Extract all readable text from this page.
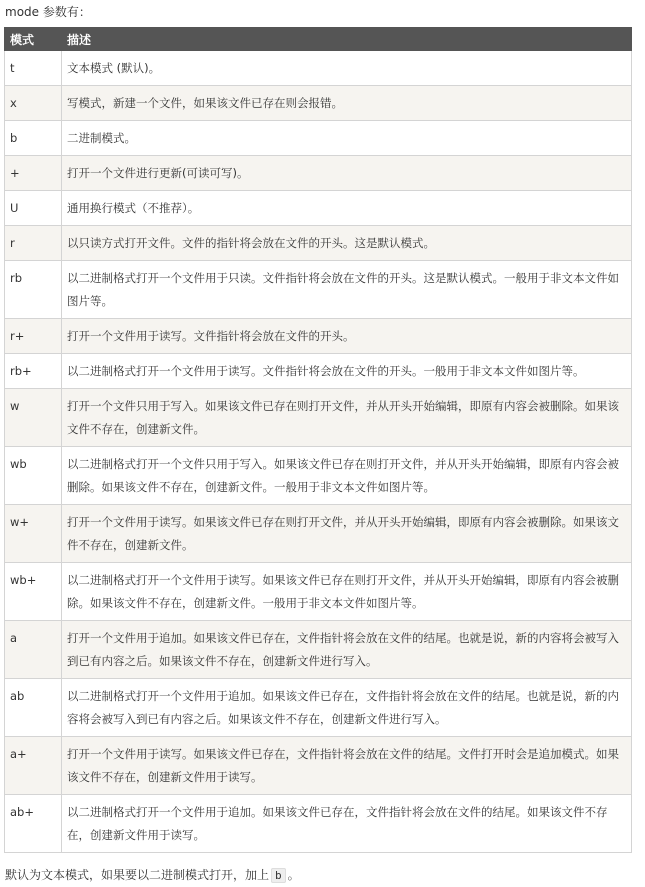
mode 参数有：
模式	描述
t	文本模式 (默认)。
x	写模式，新建一个文件，如果该文件已存在则会报错。
b	二进制模式。
+	打开一个文件进行更新(可读可写)。
U	通用换行模式（不推荐）。
r	以只读方式打开文件。文件的指针将会放在文件的开头。这是默认模式。
rb	以二进制格式打开一个文件用于只读。文件指针将会放在文件的开头。这是默认模式。一般用于非文本文件如图片等。
r+	打开一个文件用于读写。文件指针将会放在文件的开头。
rb+	以二进制格式打开一个文件用于读写。文件指针将会放在文件的开头。一般用于非文本文件如图片等。
w	打开一个文件只用于写入。如果该文件已存在则打开文件，并从开头开始编辑，即原有内容会被删除。如果该文件不存在，创建新文件。
wb	以二进制格式打开一个文件只用于写入。如果该文件已存在则打开文件，并从开头开始编辑，即原有内容会被删除。如果该文件不存在，创建新文件。一般用于非文本文件如图片等。
w+	打开一个文件用于读写。如果该文件已存在则打开文件，并从开头开始编辑，即原有内容会被删除。如果该文件不存在，创建新文件。
wb+	以二进制格式打开一个文件用于读写。如果该文件已存在则打开文件，并从开头开始编辑，即原有内容会被删除。如果该文件不存在，创建新文件。一般用于非文本文件如图片等。
a	打开一个文件用于追加。如果该文件已存在，文件指针将会放在文件的结尾。也就是说，新的内容将会被写入到已有内容之后。如果该文件不存在，创建新文件进行写入。
ab	以二进制格式打开一个文件用于追加。如果该文件已存在，文件指针将会放在文件的结尾。也就是说，新的内容将会被写入到已有内容之后。如果该文件不存在，创建新文件进行写入。
a+	打开一个文件用于读写。如果该文件已存在，文件指针将会放在文件的结尾。文件打开时会是追加模式。如果该文件不存在，创建新文件用于读写。
ab+	以二进制格式打开一个文件用于追加。如果该文件已存在，文件指针将会放在文件的结尾。如果该文件不存在，创建新文件用于读写。
默认为文本模式，如果要以二进制模式打开，加上 b 。
